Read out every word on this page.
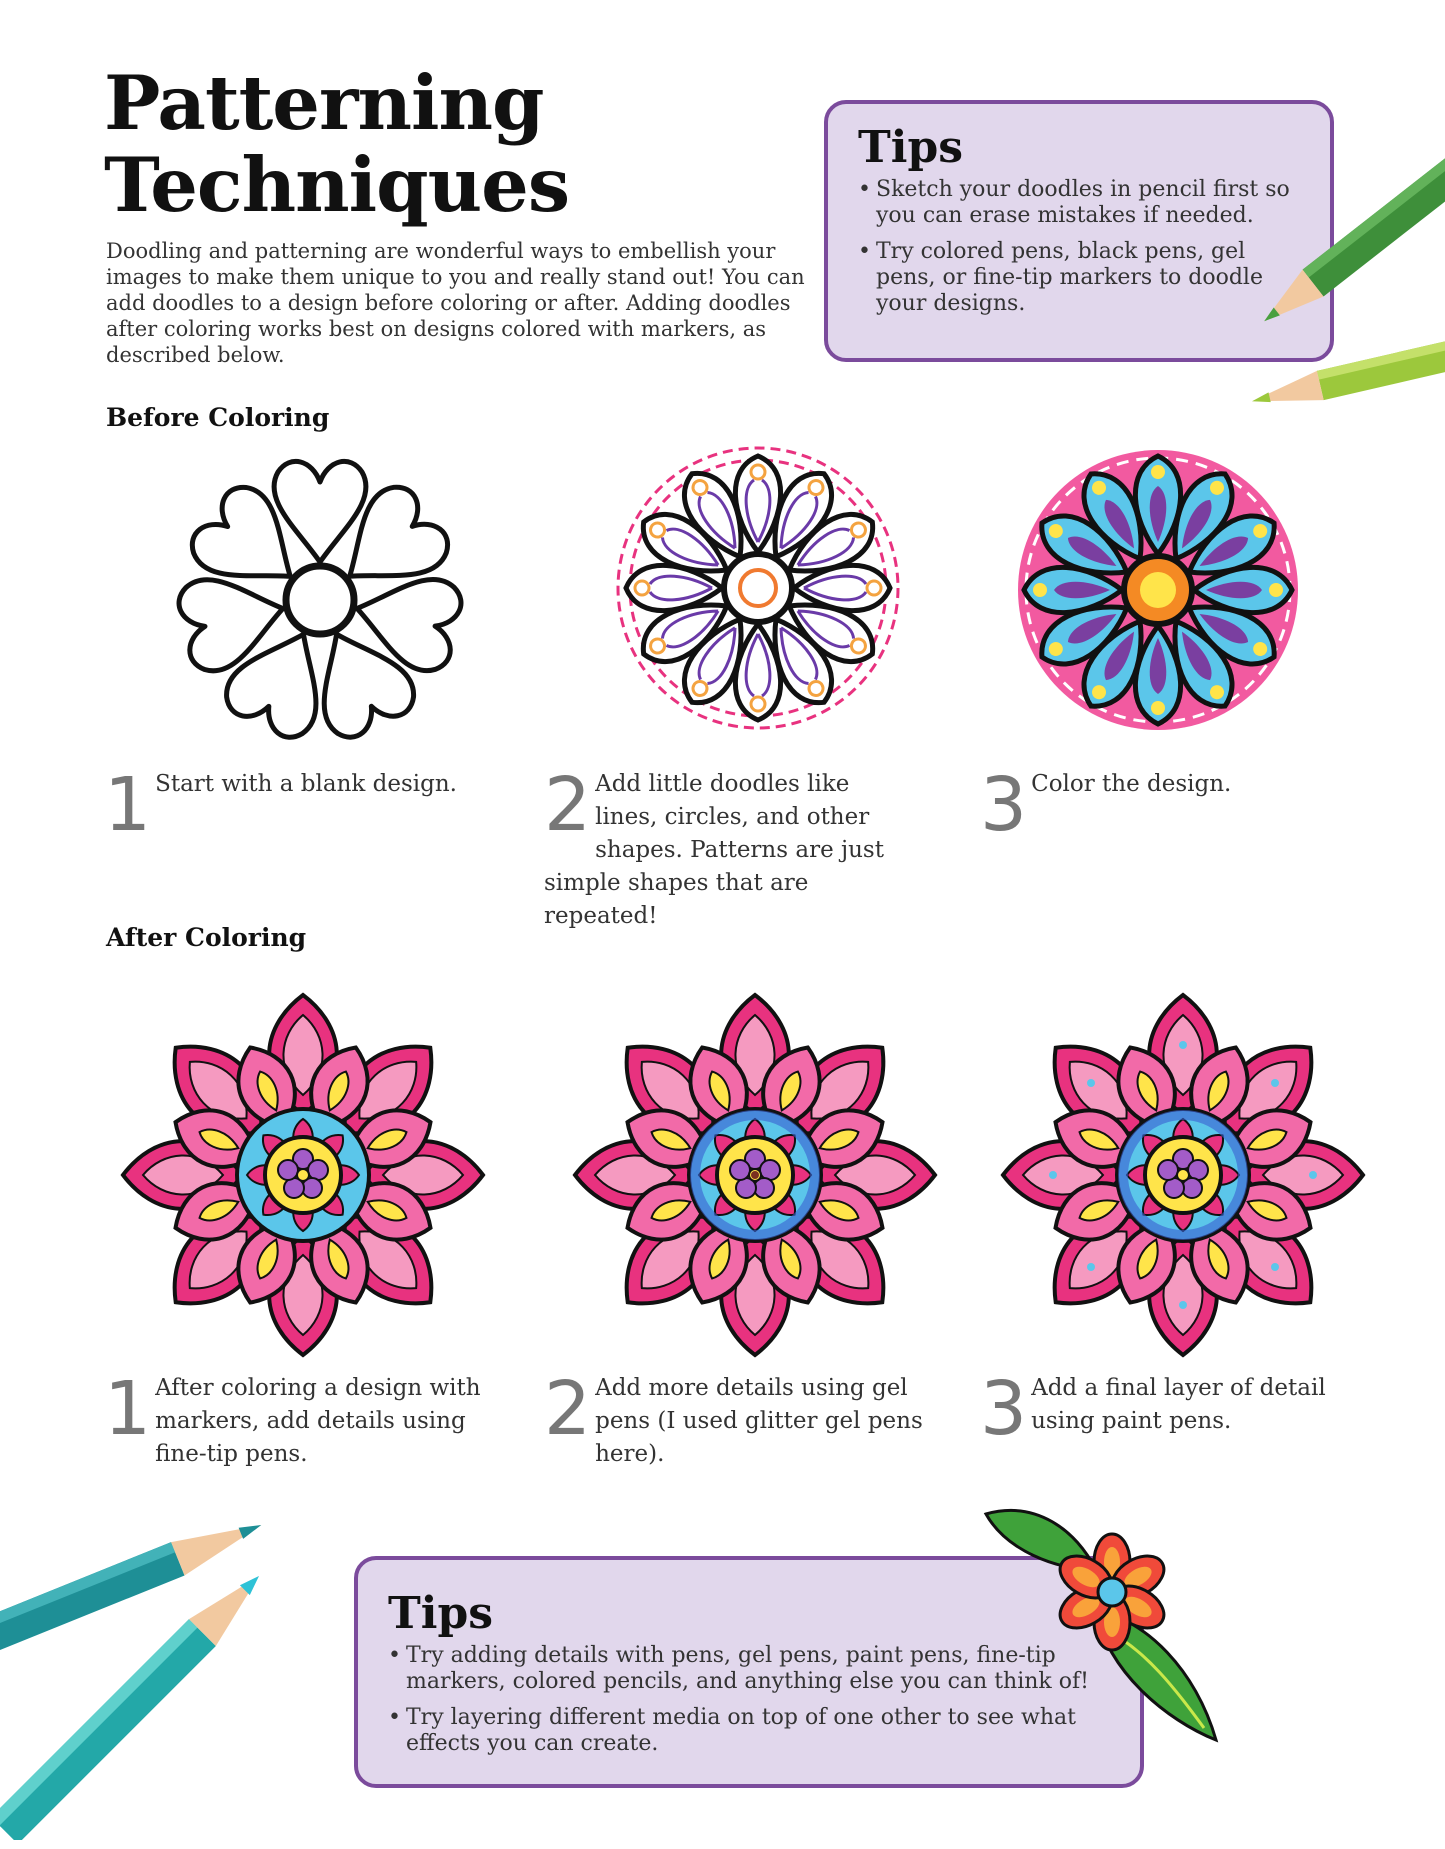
Patterning
Techniques
Doodling and patterning are wonderful ways to embellish your images to make them unique to you and really stand out! You can add doodles to a design before coloring or after. Adding doodles after coloring works best on designs colored with markers, as described below.
Tips
• Sketch your doodles in pencil first so you can erase mistakes if needed.
• Try colored pens, black pens, gel pens, or fine-tip markers to doodle your designs.
Before Coloring
1 Start with a blank design. 2 Add little doodles like lines, circles, and other shapes. Patterns are just simple shapes that are repeated!
3 Color the design.
After Coloring
1 After coloring a design with markers, add details using fine-tip pens.
2 Add more details using gel pens (I used glitter gel pens here).
3 Add a final layer of detail using paint pens.
Tips
• Try adding details with pens, gel pens, paint pens, fine-tip markers, colored pencils, and anything else you can think of!
• Try layering different media on top of one other to see what effects you can create.
